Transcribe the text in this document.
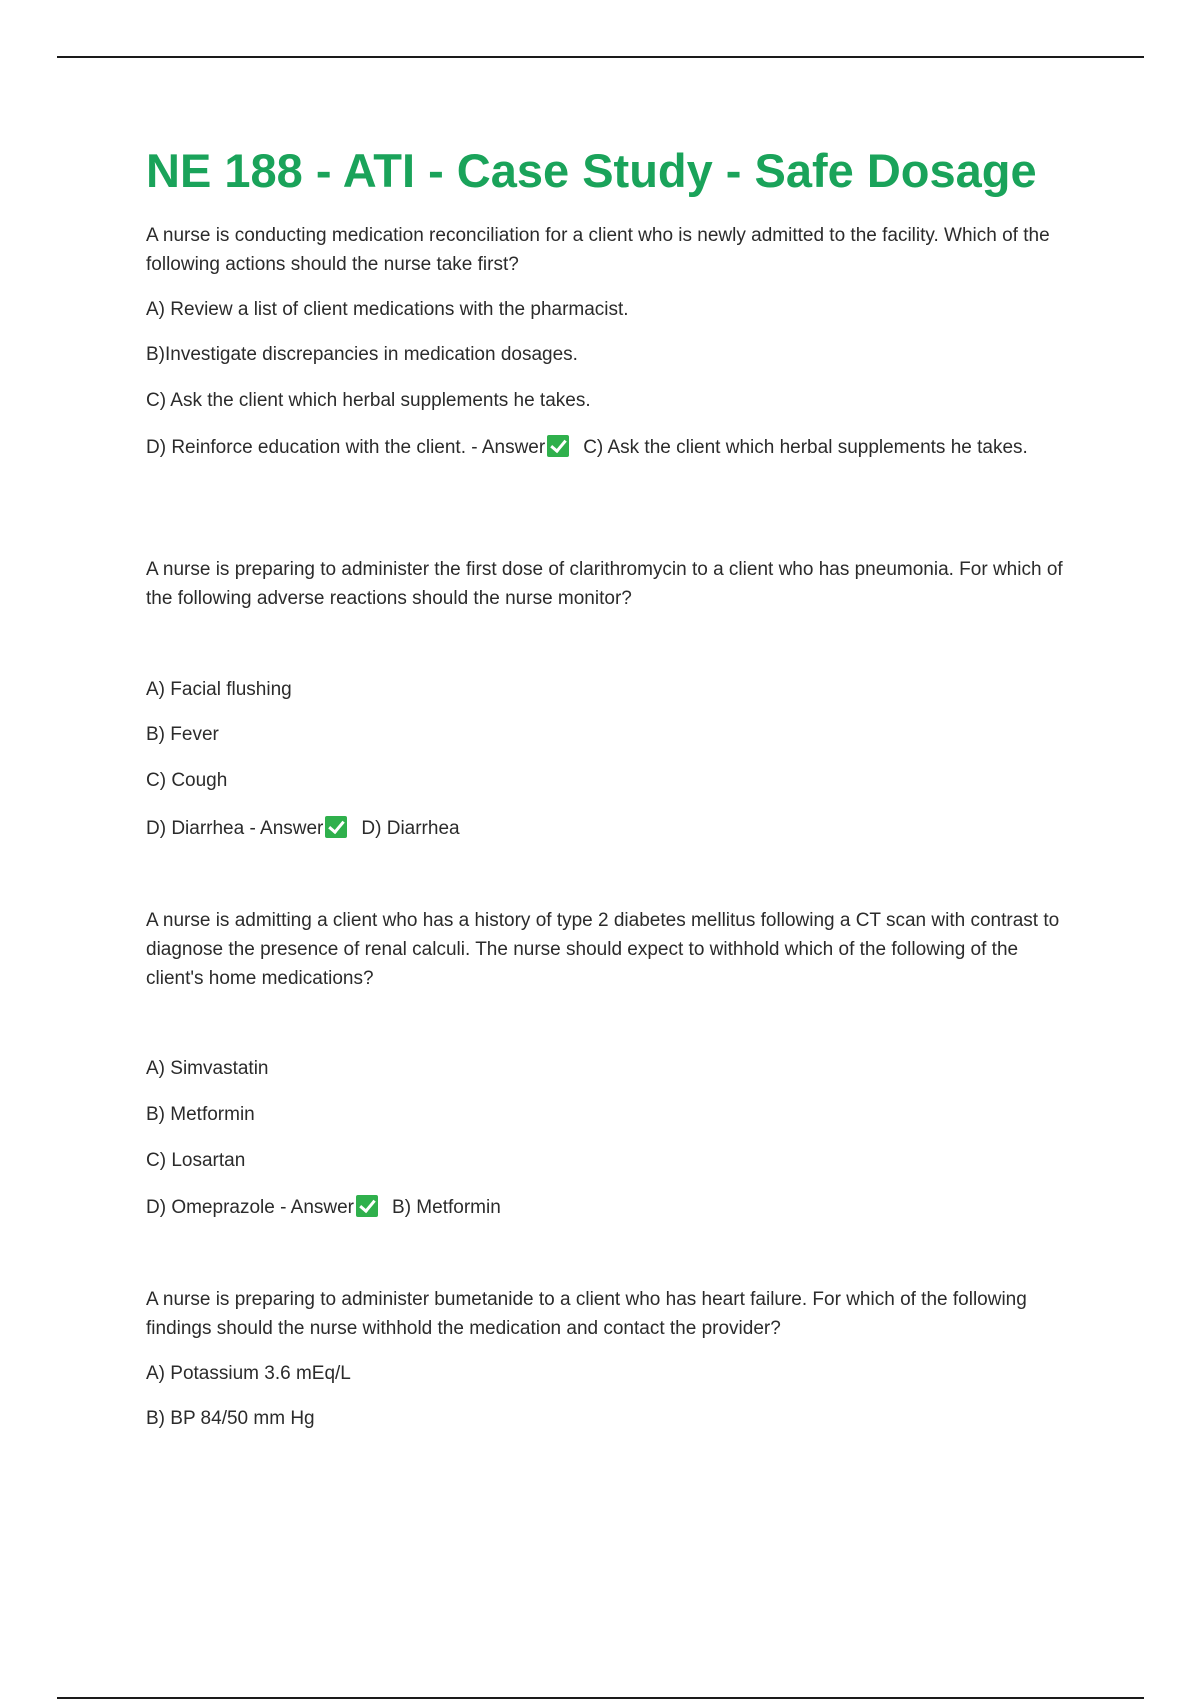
NE 188 - ATI - Case Study - Safe Dosage

A nurse is conducting medication reconciliation for a client who is newly admitted to the facility. Which of the following actions should the nurse take first?

A) Review a list of client medications with the pharmacist.
B)Investigate discrepancies in medication dosages.
C) Ask the client which herbal supplements he takes.
D) Reinforce education with the client. - Answer C) Ask the client which herbal supplements he takes.

A nurse is preparing to administer the first dose of clarithromycin to a client who has pneumonia. For which of the following adverse reactions should the nurse monitor?

A) Facial flushing
B) Fever
C) Cough
D) Diarrhea - Answer D) Diarrhea

A nurse is admitting a client who has a history of type 2 diabetes mellitus following a CT scan with contrast to diagnose the presence of renal calculi. The nurse should expect to withhold which of the following of the client's home medications?

A) Simvastatin
B) Metformin
C) Losartan
D) Omeprazole - Answer B) Metformin

A nurse is preparing to administer bumetanide to a client who has heart failure. For which of the following findings should the nurse withhold the medication and contact the provider?

A) Potassium 3.6 mEq/L
B) BP 84/50 mm Hg
